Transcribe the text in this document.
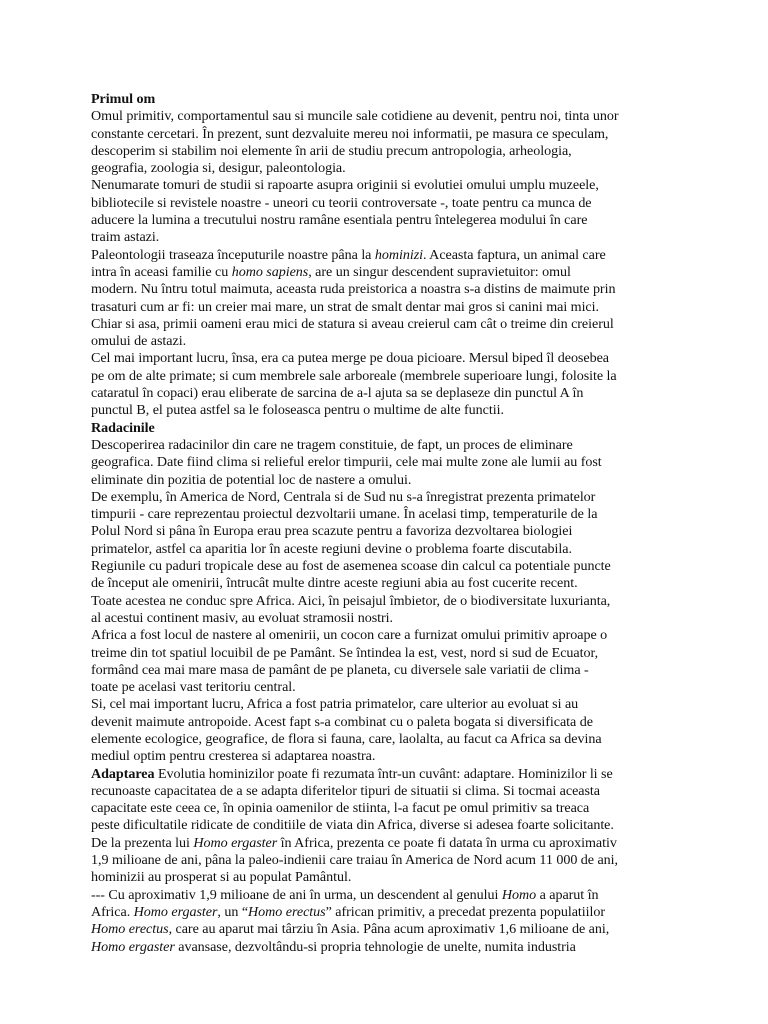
Primul om
Omul primitiv, comportamentul sau si muncile sale cotidiene au devenit, pentru noi, tinta unor
constante cercetari. În prezent, sunt dezvaluite mereu noi informatii, pe masura ce speculam,
descoperim si stabilim noi elemente în arii de studiu precum antropologia, arheologia,
geografia, zoologia si, desigur, paleontologia.
Nenumarate tomuri de studii si rapoarte asupra originii si evolutiei omului umplu muzeele,
bibliotecile si revistele noastre - uneori cu teorii controversate -, toate pentru ca munca de
aducere la lumina a trecutului nostru ramâne esentiala pentru întelegerea modului în care
traim astazi.
Paleontologii traseaza începuturile noastre pâna la hominizi. Aceasta faptura, un animal care
intra în aceasi familie cu homo sapiens, are un singur descendent supravietuitor: omul
modern. Nu întru totul maimuta, aceasta ruda preistorica a noastra s-a distins de maimute prin
trasaturi cum ar fi: un creier mai mare, un strat de smalt dentar mai gros si canini mai mici.
Chiar si asa, primii oameni erau mici de statura si aveau creierul cam cât o treime din creierul
omului de astazi.
Cel mai important lucru, însa, era ca putea merge pe doua picioare. Mersul biped îl deosebea
pe om de alte primate; si cum membrele sale arboreale (membrele superioare lungi, folosite la
cataratul în copaci) erau eliberate de sarcina de a-l ajuta sa se deplaseze din punctul A în
punctul B, el putea astfel sa le foloseasca pentru o multime de alte functii.
Radacinile
Descoperirea radacinilor din care ne tragem constituie, de fapt, un proces de eliminare
geografica. Date fiind clima si relieful erelor timpurii, cele mai multe zone ale lumii au fost
eliminate din pozitia de potential loc de nastere a omului.
De exemplu, în America de Nord, Centrala si de Sud nu s-a înregistrat prezenta primatelor
timpurii - care reprezentau proiectul dezvoltarii umane. În acelasi timp, temperaturile de la
Polul Nord si pâna în Europa erau prea scazute pentru a favoriza dezvoltarea biologiei
primatelor, astfel ca aparitia lor în aceste regiuni devine o problema foarte discutabila.
Regiunile cu paduri tropicale dese au fost de asemenea scoase din calcul ca potentiale puncte
de început ale omenirii, întrucât multe dintre aceste regiuni abia au fost cucerite recent.
Toate acestea ne conduc spre Africa. Aici, în peisajul îmbietor, de o biodiversitate luxurianta,
al acestui continent masiv, au evoluat stramosii nostri.
Africa a fost locul de nastere al omenirii, un cocon care a furnizat omului primitiv aproape o
treime din tot spatiul locuibil de pe Pamânt. Se întindea la est, vest, nord si sud de Ecuator,
formând cea mai mare masa de pamânt de pe planeta, cu diversele sale variatii de clima -
toate pe acelasi vast teritoriu central.
Si, cel mai important lucru, Africa a fost patria primatelor, care ulterior au evoluat si au
devenit maimute antropoide. Acest fapt s-a combinat cu o paleta bogata si diversificata de
elemente ecologice, geografice, de flora si fauna, care, laolalta, au facut ca Africa sa devina
mediul optim pentru cresterea si adaptarea noastra.
Adaptarea Evolutia hominizilor poate fi rezumata într-un cuvânt: adaptare. Hominizilor li se
recunoaste capacitatea de a se adapta diferitelor tipuri de situatii si clima. Si tocmai aceasta
capacitate este ceea ce, în opinia oamenilor de stiinta, l-a facut pe omul primitiv sa treaca
peste dificultatile ridicate de conditiile de viata din Africa, diverse si adesea foarte solicitante.
De la prezenta lui Homo ergaster în Africa, prezenta ce poate fi datata în urma cu aproximativ
1,9 milioane de ani, pâna la paleo-indienii care traiau în America de Nord acum 11 000 de ani,
hominizii au prosperat si au populat Pamântul.
--- Cu aproximativ 1,9 milioane de ani în urma, un descendent al genului Homo a aparut în
Africa. Homo ergaster, un “Homo erectus” african primitiv, a precedat prezenta populatiilor
Homo erectus, care au aparut mai târziu în Asia. Pâna acum aproximativ 1,6 milioane de ani,
Homo ergaster avansase, dezvoltându-si propria tehnologie de unelte, numita industria
